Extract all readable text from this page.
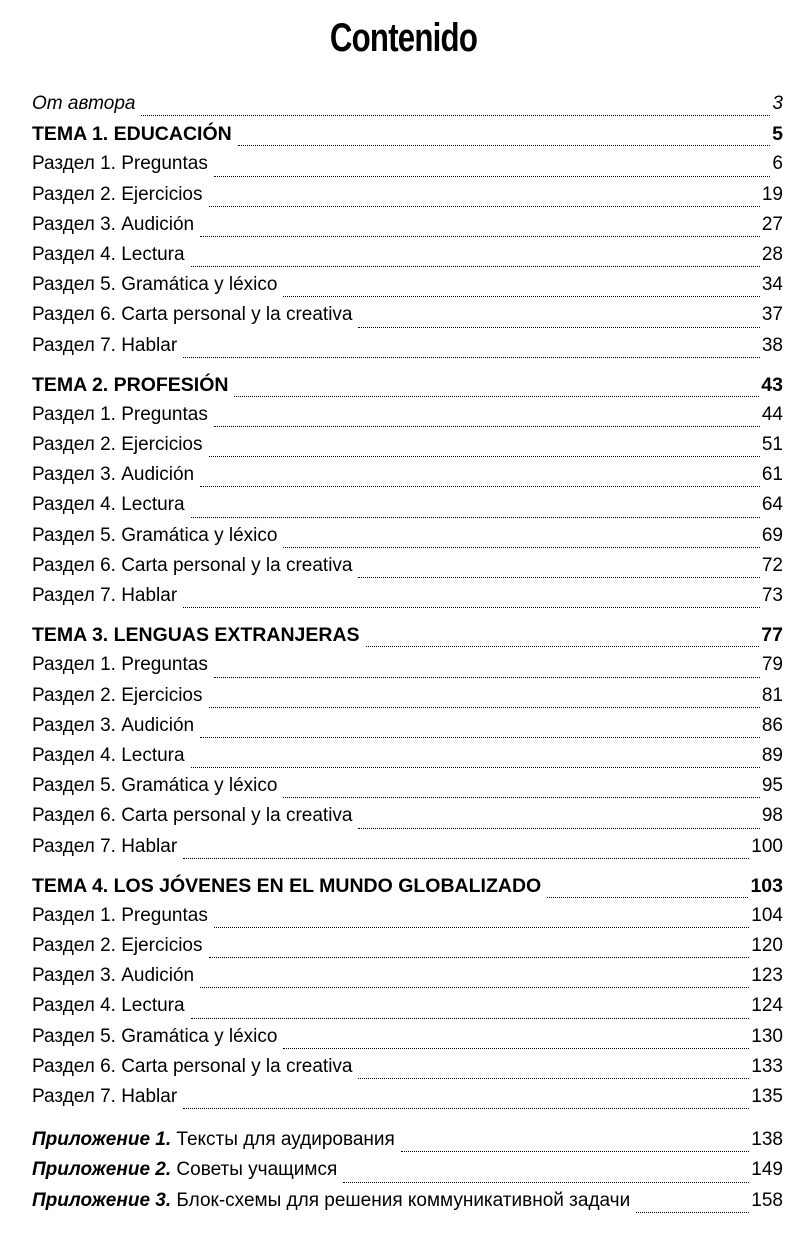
Contenido
От автора	3
TEMA 1. EDUCACIÓN	5
Раздел 1. Preguntas	6
Раздел 2. Ejercicios	19
Раздел 3. Audición	27
Раздел 4. Lectura	28
Раздел 5. Gramática y léxico	34
Раздел 6. Carta personal y la creativa	37
Раздел 7. Hablar	38
TEMA 2. PROFESIÓN	43
Раздел 1. Preguntas	44
Раздел 2. Ejercicios	51
Раздел 3. Audición	61
Раздел 4. Lectura	64
Раздел 5. Gramática y léxico	69
Раздел 6. Carta personal y la creativa	72
Раздел 7. Hablar	73
TEMA 3. LENGUAS EXTRANJERAS	77
Раздел 1. Preguntas	79
Раздел 2. Ejercicios	81
Раздел 3. Audición	86
Раздел 4. Lectura	89
Раздел 5. Gramática y léxico	95
Раздел 6. Carta personal y la creativa	98
Раздел 7. Hablar	100
TEMA 4. LOS JÓVENES EN EL MUNDO GLOBALIZADO	103
Раздел 1. Preguntas	104
Раздел 2. Ejercicios	120
Раздел 3. Audición	123
Раздел 4. Lectura	124
Раздел 5. Gramática y léxico	130
Раздел 6. Carta personal y la creativa	133
Раздел 7. Hablar	135
Приложение 1. Тексты для аудирования	138
Приложение 2. Советы учащимся	149
Приложение 3. Блок-схемы для решения коммуникативной задачи	158
